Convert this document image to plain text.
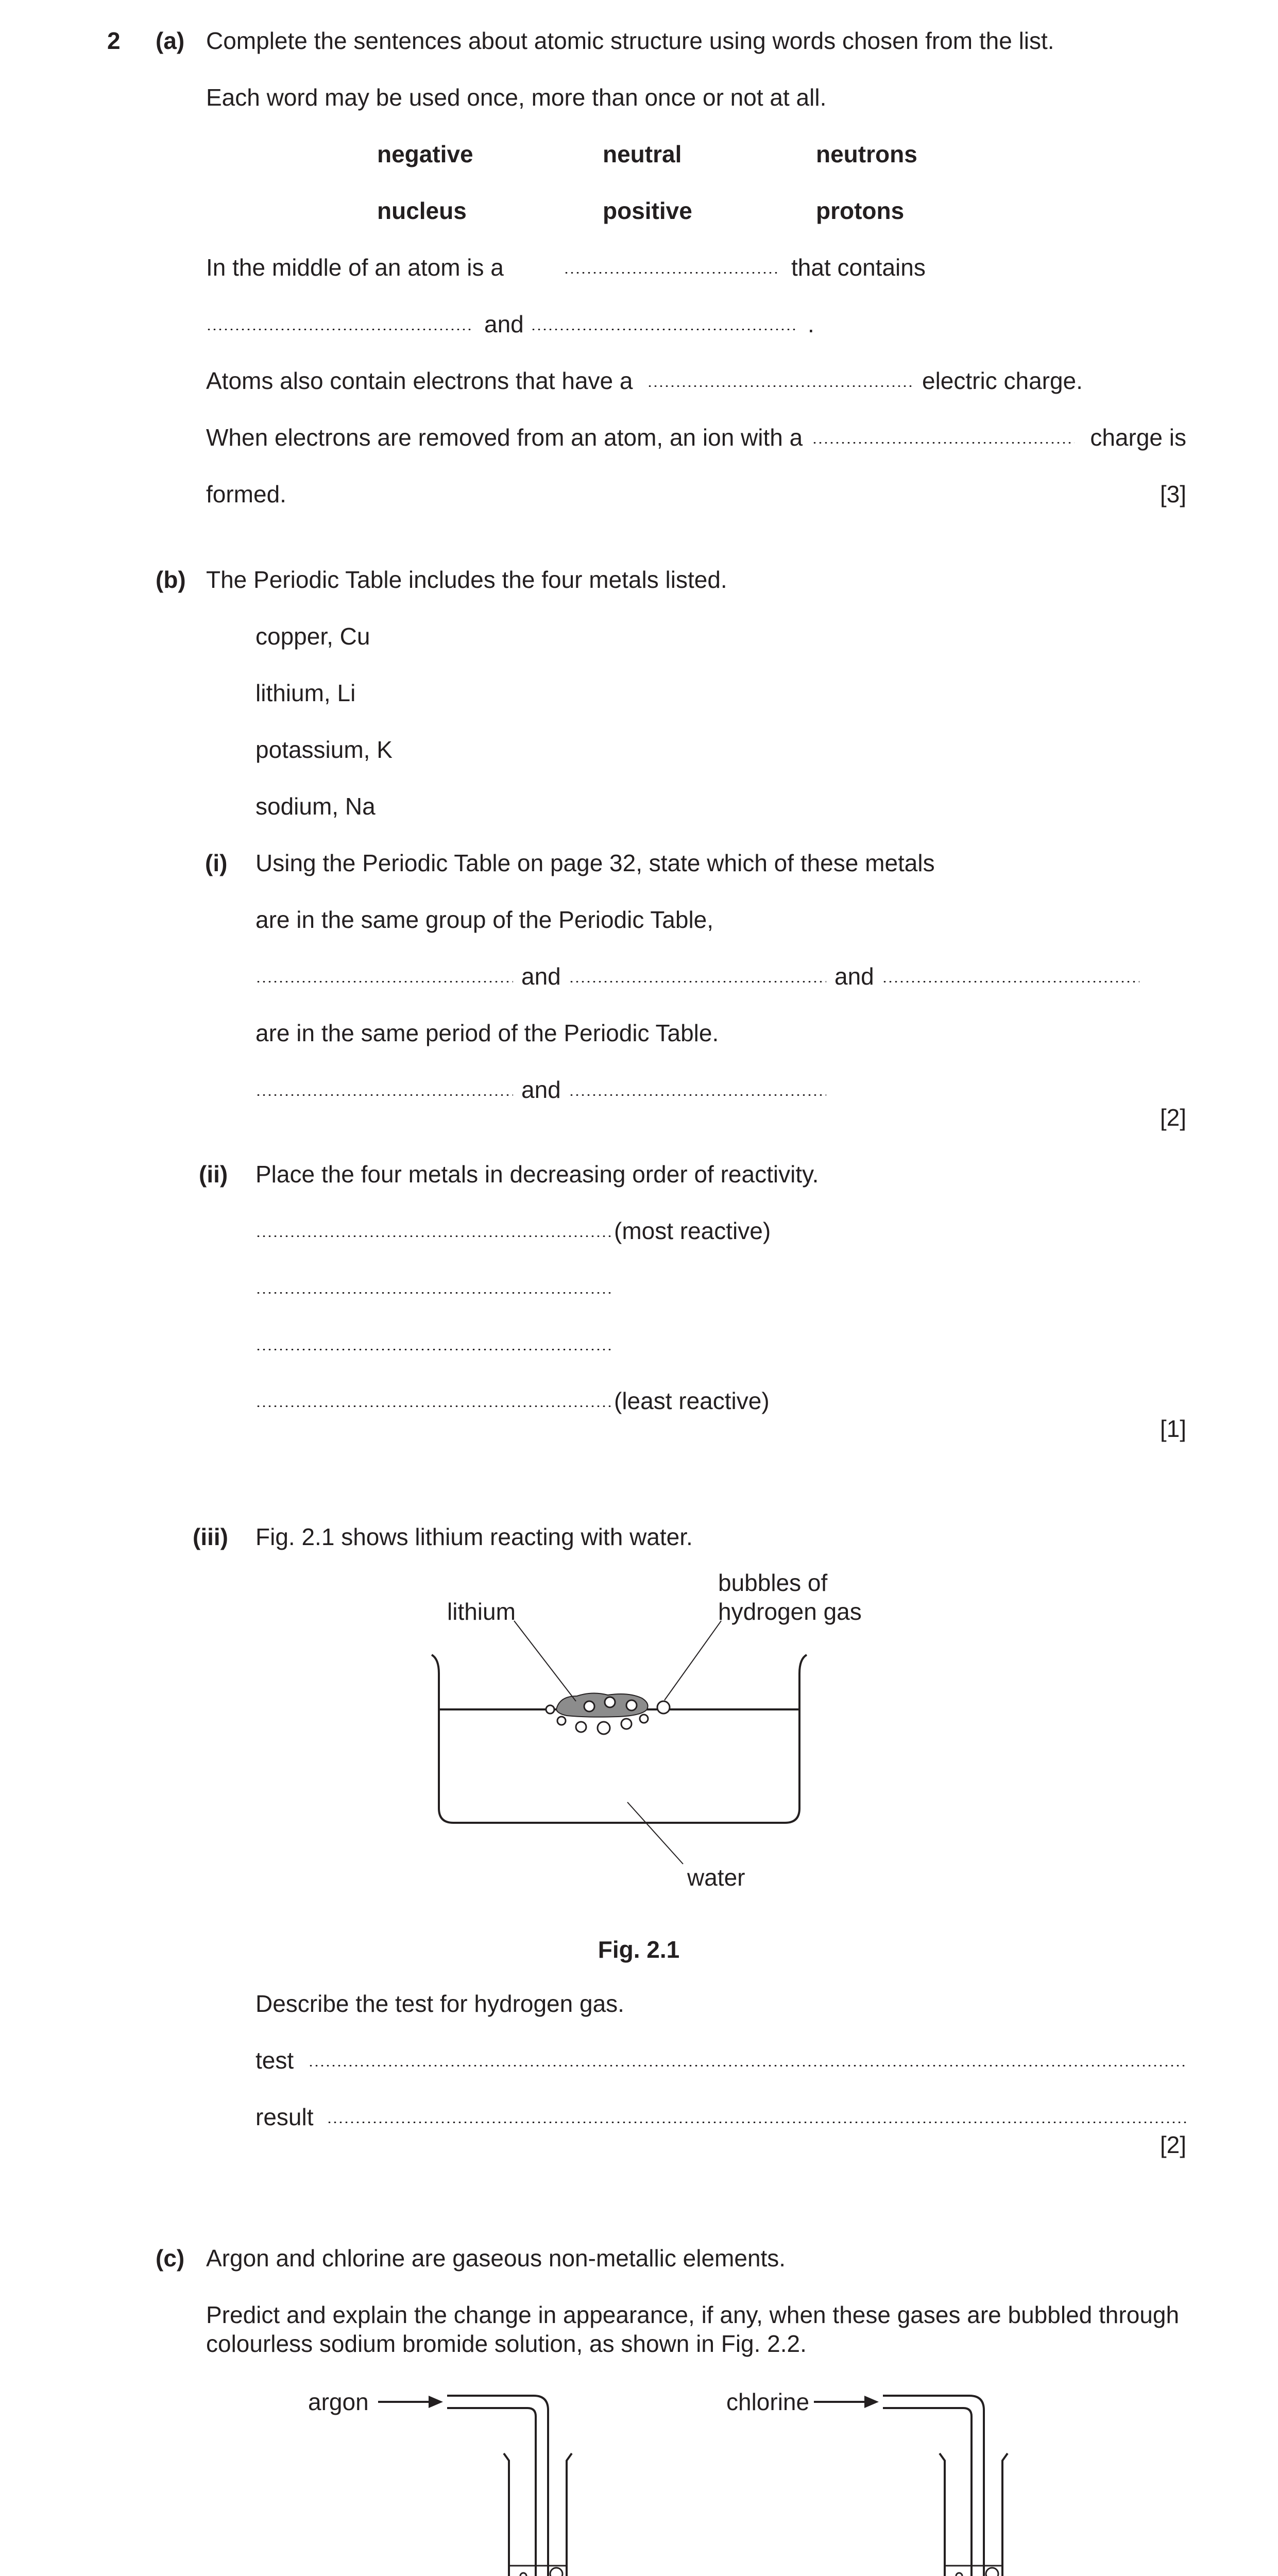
2 (a) Complete the sentences about atomic structure using words chosen from the list.
Each word may be used once, more than once or not at all.
negative	neutral	neutrons
nucleus	positive	protons
In the middle of an atom is a	that contains
and	.
Atoms also contain electrons that have a	electric charge.
When electrons are removed from an atom, an ion with a	charge is
formed.	[3]
(b) The Periodic Table includes the four metals listed.
copper, Cu
lithium, Li
potassium, K
sodium, Na
(i) Using the Periodic Table on page 32, state which of these metals
are in the same group of the Periodic Table,
and	and
are in the same period of the Periodic Table.
and
[2]
(ii) Place the four metals in decreasing order of reactivity.
(most reactive)
(least reactive)
[1]
(iii) Fig. 2.1 shows lithium reacting with water.
lithium
bubbles of
hydrogen gas
water
Fig. 2.1
Describe the test for hydrogen gas.
test
result
[2]
(c) Argon and chlorine are gaseous non-metallic elements.
Predict and explain the change in appearance, if any, when these gases are bubbled through
colourless sodium bromide solution, as shown in Fig. 2.2.
argon	chlorine
